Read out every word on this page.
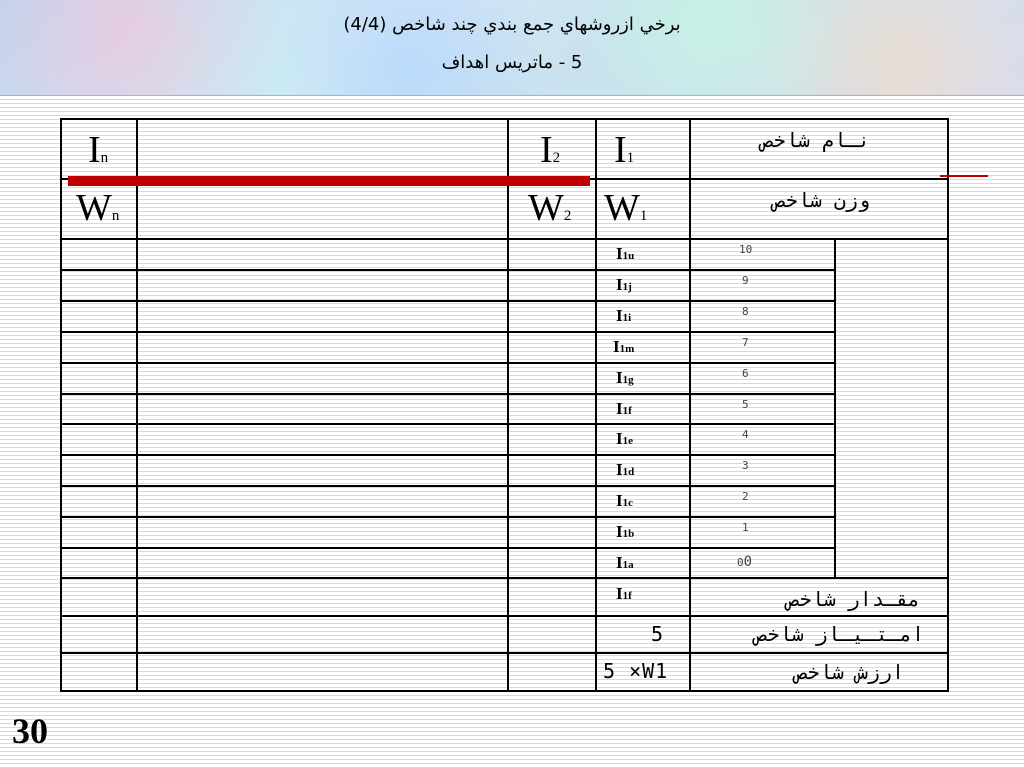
برخي ازروشهاي جمع بندي چند شاخص (4/4)
5 - ماتريس اهداف
نـام شاخص
I1
I2
In
وزن شاخص
W1
W2
Wn
10
I1u
9
I1j
8
I1i
7
I1m
6
I1g
5
I1f
4
I1e
3
I1d
2
I1c
1
I1b
00
I1a
مقـدار شاخص
I1f
امـتـيـاز شاخص
5
ارزش شاخص
5 ×W1
30
